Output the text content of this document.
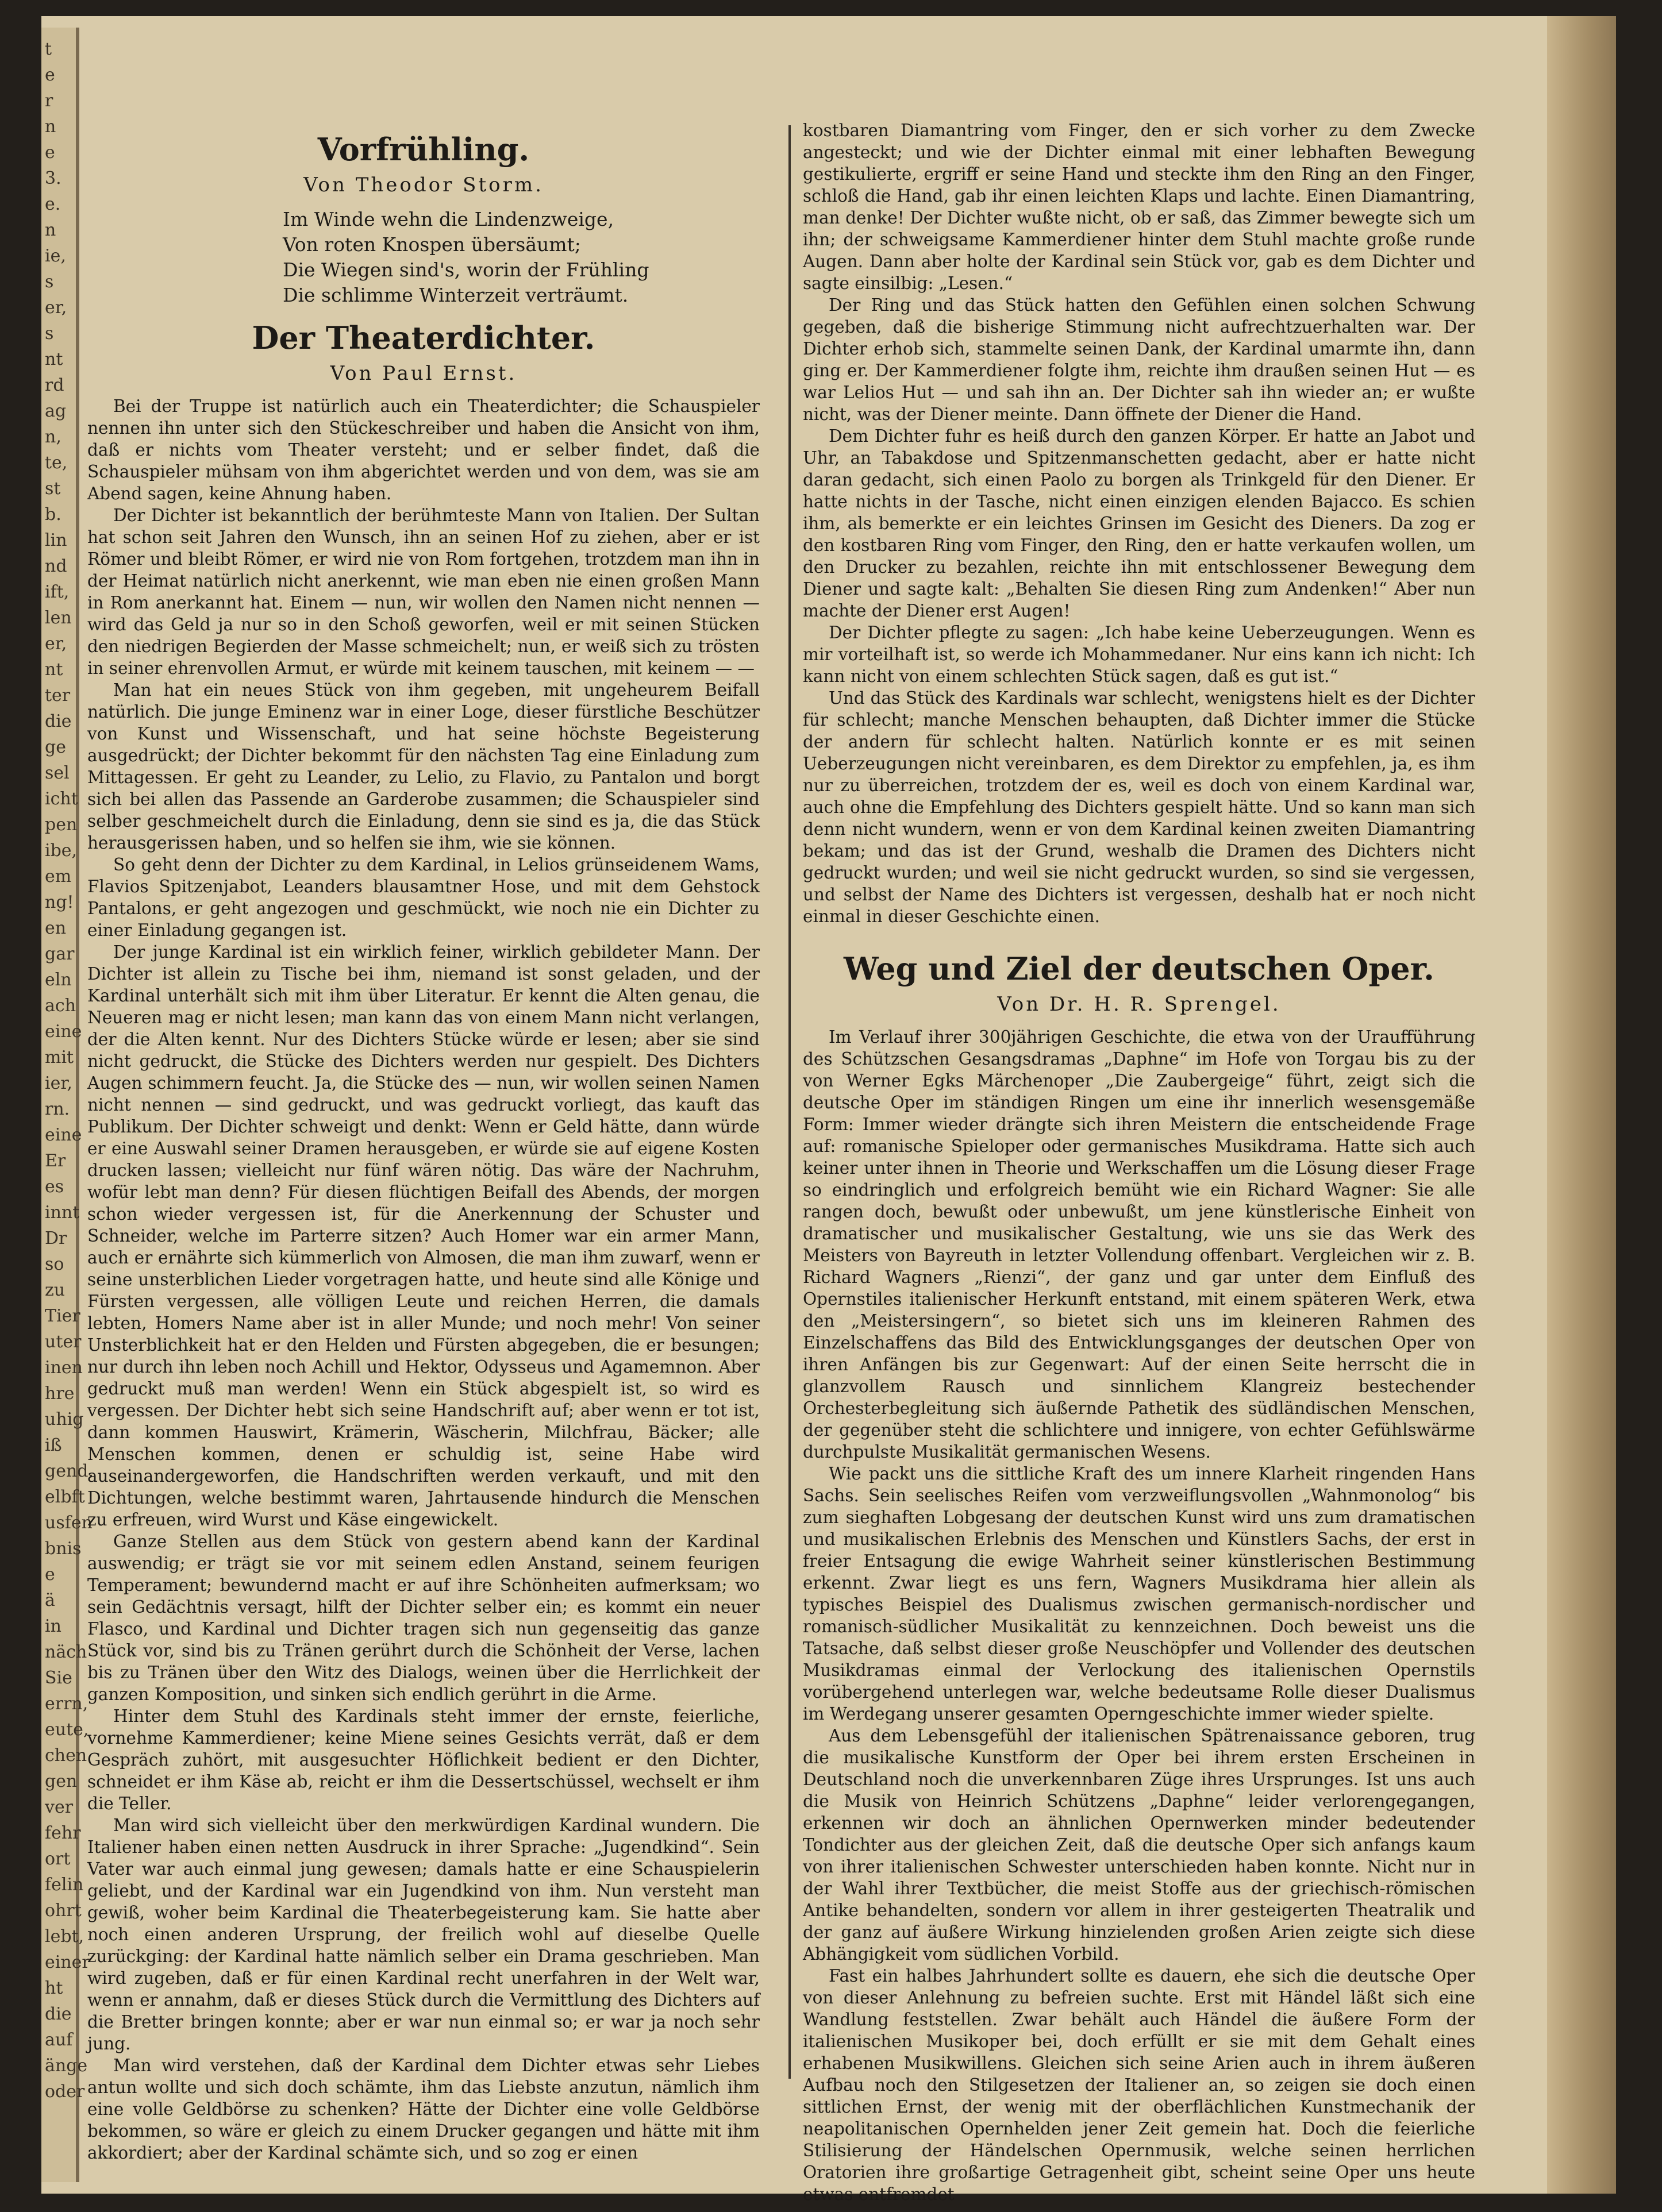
t
e
r
n
e
3.
e.
n
ie,
s
er,
s
nt
rd
ag
n,
te,
st
b.
lin
nd
ift,
len
er,
nt
ter
die
ge
sel
icht
pen
ibe,
em
ng!
en
gar
eln
ach
eine
mit
ier,
rn.
eine
Er
es
innt
Dr
so
zu
Tier
uter
inen
hre
uhig
iß
gend.
elbft
usfen
bnis
e
ä
in
näch
Sie
errn,
eute,
chen
gen
ver
fehr
ort
felin
ohrt
lebt,
einer
ht
die
auf
änge
oder
Vorfrühling.
Von Theodor Storm.
Im Winde wehn die Lindenzweige,
Von roten Knospen übersäumt;
Die Wiegen sind's, worin der Frühling
Die schlimme Winterzeit verträumt.
Der Theaterdichter.
Von Paul Ernst.

Bei der Truppe ist natürlich auch ein Theaterdichter; die Schauspieler nennen ihn unter sich den Stückeschreiber und haben die Ansicht von ihm, daß er nichts vom Theater versteht; und er selber findet, daß die Schauspieler mühsam von ihm abgerichtet werden und von dem, was sie am Abend sagen, keine Ahnung haben.

Der Dichter ist bekanntlich der berühmteste Mann von Italien. Der Sultan hat schon seit Jahren den Wunsch, ihn an seinen Hof zu ziehen, aber er ist Römer und bleibt Römer, er wird nie von Rom fortgehen, trotzdem man ihn in der Heimat natürlich nicht anerkennt, wie man eben nie einen großen Mann in Rom anerkannt hat. Einem — nun, wir wollen den Namen nicht nennen — wird das Geld ja nur so in den Schoß geworfen, weil er mit seinen Stücken den niedrigen Begierden der Masse schmeichelt; nun, er weiß sich zu trösten in seiner ehrenvollen Armut, er würde mit keinem tauschen, mit keinem — —

Man hat ein neues Stück von ihm gegeben, mit ungeheurem Beifall natürlich. Die junge Eminenz war in einer Loge, dieser fürstliche Beschützer von Kunst und Wissenschaft, und hat seine höchste Begeisterung ausgedrückt; der Dichter bekommt für den nächsten Tag eine Einladung zum Mittagessen. Er geht zu Leander, zu Lelio, zu Flavio, zu Pantalon und borgt sich bei allen das Passende an Garderobe zusammen; die Schauspieler sind selber geschmeichelt durch die Einladung, denn sie sind es ja, die das Stück herausgerissen haben, und so helfen sie ihm, wie sie können.

So geht denn der Dichter zu dem Kardinal, in Lelios grünseidenem Wams, Flavios Spitzenjabot, Leanders blausamtner Hose, und mit dem Gehstock Pantalons, er geht angezogen und geschmückt, wie noch nie ein Dichter zu einer Einladung gegangen ist.

Der junge Kardinal ist ein wirklich feiner, wirklich gebildeter Mann. Der Dichter ist allein zu Tische bei ihm, niemand ist sonst geladen, und der Kardinal unterhält sich mit ihm über Literatur. Er kennt die Alten genau, die Neueren mag er nicht lesen; man kann das von einem Mann nicht verlangen, der die Alten kennt. Nur des Dichters Stücke würde er lesen; aber sie sind nicht gedruckt, die Stücke des Dichters werden nur gespielt. Des Dichters Augen schimmern feucht. Ja, die Stücke des — nun, wir wollen seinen Namen nicht nennen — sind gedruckt, und was gedruckt vorliegt, das kauft das Publikum. Der Dichter schweigt und denkt: Wenn er Geld hätte, dann würde er eine Auswahl seiner Dramen herausgeben, er würde sie auf eigene Kosten drucken lassen; vielleicht nur fünf wären nötig. Das wäre der Nachruhm, wofür lebt man denn? Für diesen flüchtigen Beifall des Abends, der morgen schon wieder vergessen ist, für die Anerkennung der Schuster und Schneider, welche im Parterre sitzen? Auch Homer war ein armer Mann, auch er ernährte sich kümmerlich von Almosen, die man ihm zuwarf, wenn er seine unsterblichen Lieder vorgetragen hatte, und heute sind alle Könige und Fürsten vergessen, alle völligen Leute und reichen Herren, die damals lebten, Homers Name aber ist in aller Munde; und noch mehr! Von seiner Unsterblichkeit hat er den Helden und Fürsten abgegeben, die er besungen; nur durch ihn leben noch Achill und Hektor, Odysseus und Agamemnon. Aber gedruckt muß man werden! Wenn ein Stück abgespielt ist, so wird es vergessen. Der Dichter hebt sich seine Handschrift auf; aber wenn er tot ist, dann kommen Hauswirt, Krämerin, Wäscherin, Milchfrau, Bäcker; alle Menschen kommen, denen er schuldig ist, seine Habe wird auseinandergeworfen, die Handschriften werden verkauft, und mit den Dichtungen, welche bestimmt waren, Jahrtausende hindurch die Menschen zu erfreuen, wird Wurst und Käse eingewickelt.

Ganze Stellen aus dem Stück von gestern abend kann der Kardinal auswendig; er trägt sie vor mit seinem edlen Anstand, seinem feurigen Temperament; bewundernd macht er auf ihre Schönheiten aufmerksam; wo sein Gedächtnis versagt, hilft der Dichter selber ein; es kommt ein neuer Flasco, und Kardinal und Dichter tragen sich nun gegenseitig das ganze Stück vor, sind bis zu Tränen gerührt durch die Schönheit der Verse, lachen bis zu Tränen über den Witz des Dialogs, weinen über die Herrlichkeit der ganzen Komposition, und sinken sich endlich gerührt in die Arme.

Hinter dem Stuhl des Kardinals steht immer der ernste, feierliche, vornehme Kammerdiener; keine Miene seines Gesichts verrät, daß er dem Gespräch zuhört, mit ausgesuchter Höflichkeit bedient er den Dichter, schneidet er ihm Käse ab, reicht er ihm die Dessertschüssel, wechselt er ihm die Teller.

Man wird sich vielleicht über den merkwürdigen Kardinal wundern. Die Italiener haben einen netten Ausdruck in ihrer Sprache: „Jugendkind“. Sein Vater war auch einmal jung gewesen; damals hatte er eine Schauspielerin geliebt, und der Kardinal war ein Jugendkind von ihm. Nun versteht man gewiß, woher beim Kardinal die Theaterbegeisterung kam. Sie hatte aber noch einen anderen Ursprung, der freilich wohl auf dieselbe Quelle zurückging: der Kardinal hatte nämlich selber ein Drama geschrieben. Man wird zugeben, daß er für einen Kardinal recht unerfahren in der Welt war, wenn er annahm, daß er dieses Stück durch die Vermittlung des Dichters auf die Bretter bringen konnte; aber er war nun einmal so; er war ja noch sehr jung.

Man wird verstehen, daß der Kardinal dem Dichter etwas sehr Liebes antun wollte und sich doch schämte, ihm das Liebste anzutun, nämlich ihm eine volle Geldbörse zu schenken? Hätte der Dichter eine volle Geldbörse bekommen, so wäre er gleich zu einem Drucker gegangen und hätte mit ihm akkordiert; aber der Kardinal schämte sich, und so zog er einen

kostbaren Diamantring vom Finger, den er sich vorher zu dem Zwecke angesteckt; und wie der Dichter einmal mit einer lebhaften Bewegung gestikulierte, ergriff er seine Hand und steckte ihm den Ring an den Finger, schloß die Hand, gab ihr einen leichten Klaps und lachte. Einen Diamantring, man denke! Der Dichter wußte nicht, ob er saß, das Zimmer bewegte sich um ihn; der schweigsame Kammerdiener hinter dem Stuhl machte große runde Augen. Dann aber holte der Kardinal sein Stück vor, gab es dem Dichter und sagte einsilbig: „Lesen.“

Der Ring und das Stück hatten den Gefühlen einen solchen Schwung gegeben, daß die bisherige Stimmung nicht aufrechtzuerhalten war. Der Dichter erhob sich, stammelte seinen Dank, der Kardinal umarmte ihn, dann ging er. Der Kammerdiener folgte ihm, reichte ihm draußen seinen Hut — es war Lelios Hut — und sah ihn an. Der Dichter sah ihn wieder an; er wußte nicht, was der Diener meinte. Dann öffnete der Diener die Hand.

Dem Dichter fuhr es heiß durch den ganzen Körper. Er hatte an Jabot und Uhr, an Tabakdose und Spitzenmanschetten gedacht, aber er hatte nicht daran gedacht, sich einen Paolo zu borgen als Trinkgeld für den Diener. Er hatte nichts in der Tasche, nicht einen einzigen elenden Bajacco. Es schien ihm, als bemerkte er ein leichtes Grinsen im Gesicht des Dieners. Da zog er den kostbaren Ring vom Finger, den Ring, den er hatte verkaufen wollen, um den Drucker zu bezahlen, reichte ihn mit entschlossener Bewegung dem Diener und sagte kalt: „Behalten Sie diesen Ring zum Andenken!“ Aber nun machte der Diener erst Augen!

Der Dichter pflegte zu sagen: „Ich habe keine Ueberzeugungen. Wenn es mir vorteilhaft ist, so werde ich Mohammedaner. Nur eins kann ich nicht: Ich kann nicht von einem schlechten Stück sagen, daß es gut ist.“

Und das Stück des Kardinals war schlecht, wenigstens hielt es der Dichter für schlecht; manche Menschen behaupten, daß Dichter immer die Stücke der andern für schlecht halten. Natürlich konnte er es mit seinen Ueberzeugungen nicht vereinbaren, es dem Direktor zu empfehlen, ja, es ihm nur zu überreichen, trotzdem der es, weil es doch von einem Kardinal war, auch ohne die Empfehlung des Dichters gespielt hätte. Und so kann man sich denn nicht wundern, wenn er von dem Kardinal keinen zweiten Diamantring bekam; und das ist der Grund, weshalb die Dramen des Dichters nicht gedruckt wurden; und weil sie nicht gedruckt wurden, so sind sie vergessen, und selbst der Name des Dichters ist vergessen, deshalb hat er noch nicht einmal in dieser Geschichte einen.

Weg und Ziel der deutschen Oper.
Von Dr. H. R. Sprengel.

Im Verlauf ihrer 300jährigen Geschichte, die etwa von der Uraufführung des Schützschen Gesangsdramas „Daphne“ im Hofe von Torgau bis zu der von Werner Egks Märchenoper „Die Zaubergeige“ führt, zeigt sich die deutsche Oper im ständigen Ringen um eine ihr innerlich wesensgemäße Form: Immer wieder drängte sich ihren Meistern die entscheidende Frage auf: romanische Spieloper oder germanisches Musikdrama. Hatte sich auch keiner unter ihnen in Theorie und Werkschaffen um die Lösung dieser Frage so eindringlich und erfolgreich bemüht wie ein Richard Wagner: Sie alle rangen doch, bewußt oder unbewußt, um jene künstlerische Einheit von dramatischer und musikalischer Gestaltung, wie uns sie das Werk des Meisters von Bayreuth in letzter Vollendung offenbart. Vergleichen wir z. B. Richard Wagners „Rienzi“, der ganz und gar unter dem Einfluß des Opernstiles italienischer Herkunft entstand, mit einem späteren Werk, etwa den „Meistersingern“, so bietet sich uns im kleineren Rahmen des Einzelschaffens das Bild des Entwicklungsganges der deutschen Oper von ihren Anfängen bis zur Gegenwart: Auf der einen Seite herrscht die in glanzvollem Rausch und sinnlichem Klangreiz bestechender Orchesterbegleitung sich äußernde Pathetik des südländischen Menschen, der gegenüber steht die schlichtere und innigere, von echter Gefühlswärme durchpulste Musikalität germanischen Wesens.

Wie packt uns die sittliche Kraft des um innere Klarheit ringenden Hans Sachs. Sein seelisches Reifen vom verzweiflungsvollen „Wahnmonolog“ bis zum sieghaften Lobgesang der deutschen Kunst wird uns zum dramatischen und musikalischen Erlebnis des Menschen und Künstlers Sachs, der erst in freier Entsagung die ewige Wahrheit seiner künstlerischen Bestimmung erkennt. Zwar liegt es uns fern, Wagners Musikdrama hier allein als typisches Beispiel des Dualismus zwischen germanisch-nordischer und romanisch-südlicher Musikalität zu kennzeichnen. Doch beweist uns die Tatsache, daß selbst dieser große Neuschöpfer und Vollender des deutschen Musikdramas einmal der Verlockung des italienischen Opernstils vorübergehend unterlegen war, welche bedeutsame Rolle dieser Dualismus im Werdegang unserer gesamten Operngeschichte immer wieder spielte.

Aus dem Lebensgefühl der italienischen Spätrenaissance geboren, trug die musikalische Kunstform der Oper bei ihrem ersten Erscheinen in Deutschland noch die unverkennbaren Züge ihres Ursprunges. Ist uns auch die Musik von Heinrich Schützens „Daphne“ leider verlorengegangen, erkennen wir doch an ähnlichen Opernwerken minder bedeutender Tondichter aus der gleichen Zeit, daß die deutsche Oper sich anfangs kaum von ihrer italienischen Schwester unterschieden haben konnte. Nicht nur in der Wahl ihrer Textbücher, die meist Stoffe aus der griechisch-römischen Antike behandelten, sondern vor allem in ihrer gesteigerten Theatralik und der ganz auf äußere Wirkung hinzielenden großen Arien zeigte sich diese Abhängigkeit vom südlichen Vorbild.

Fast ein halbes Jahrhundert sollte es dauern, ehe sich die deutsche Oper von dieser Anlehnung zu befreien suchte. Erst mit Händel läßt sich eine Wandlung feststellen. Zwar behält auch Händel die äußere Form der italienischen Musikoper bei, doch erfüllt er sie mit dem Gehalt eines erhabenen Musikwillens. Gleichen sich seine Arien auch in ihrem äußeren Aufbau noch den Stilgesetzen der Italiener an, so zeigen sie doch einen sittlichen Ernst, der wenig mit der oberflächlichen Kunstmechanik der neapolitanischen Opernhelden jener Zeit gemein hat. Doch die feierliche Stilisierung der Händelschen Opernmusik, welche seinen herrlichen Oratorien ihre großartige Getragenheit gibt, scheint seine Oper uns heute etwas entfremdet
